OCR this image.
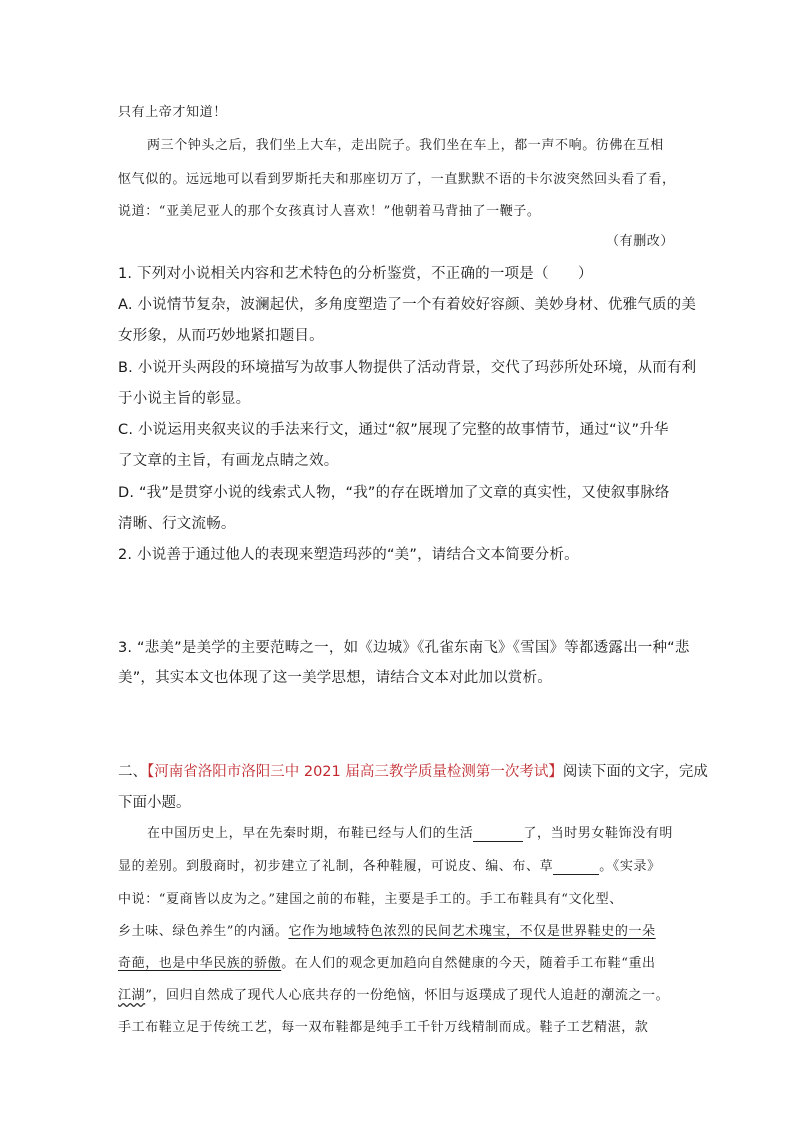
只有上帝才知道！

两三个钟头之后，我们坐上大车，走出院子。我们坐在车上，都一声不响。彷佛在互相

怄气似的。远远地可以看到罗斯托夫和那座切万了，一直默默不语的卡尔波突然回头看了看，

说道：“亚美尼亚人的那个女孩真讨人喜欢！”他朝着马背抽了一鞭子。

（有删改）

1. 下列对小说相关内容和艺术特色的分析鉴赏，不正确的一项是（　　）

A. 小说情节复杂，波澜起伏，多角度塑造了一个有着姣好容颜、美妙身材、优雅气质的美

女形象，从而巧妙地紧扣题目。

B. 小说开头两段的环境描写为故事人物提供了活动背景，交代了玛莎所处环境，从而有利

于小说主旨的彰显。

C. 小说运用夹叙夹议的手法来行文，通过“叙”展现了完整的故事情节，通过“议”升华

了文章的主旨，有画龙点睛之效。

D. “我”是贯穿小说的线索式人物，“我”的存在既增加了文章的真实性，又使叙事脉络

清晰、行文流畅。

2. 小说善于通过他人的表现来塑造玛莎的“美”，请结合文本简要分析。

3. “悲美”是美学的主要范畴之一，如《边城》《孔雀东南飞》《雪国》等都透露出一种“悲

美”，其实本文也体现了这一美学思想，请结合文本对此加以赏析。

二、【河南省洛阳市洛阳三中 2021 届高三教学质量检测第一次考试】阅读下面的文字，完成

下面小题。

在中国历史上，早在先秦时期，布鞋已经与人们的生活	了，当时男女鞋饰没有明

显的差别。到殷商时，初步建立了礼制，各种鞋履，可说皮、编、布、草	。《实录》

中说：“夏商皆以皮为之。”建国之前的布鞋，主要是手工的。手工布鞋具有“文化型、

乡土味、绿色养生”的内涵。它作为地域特色浓烈的民间艺术瑰宝，不仅是世界鞋史的一朵

奇葩，也是中华民族的骄傲。在人们的观念更加趋向自然健康的今天，随着手工布鞋“重出

江湖”，回归自然成了现代人心底共存的一份绝恼，怀旧与返璞成了现代人追赶的潮流之一。

手工布鞋立足于传统工艺，每一双布鞋都是纯手工千针万线精制而成。鞋子工艺精湛，款
